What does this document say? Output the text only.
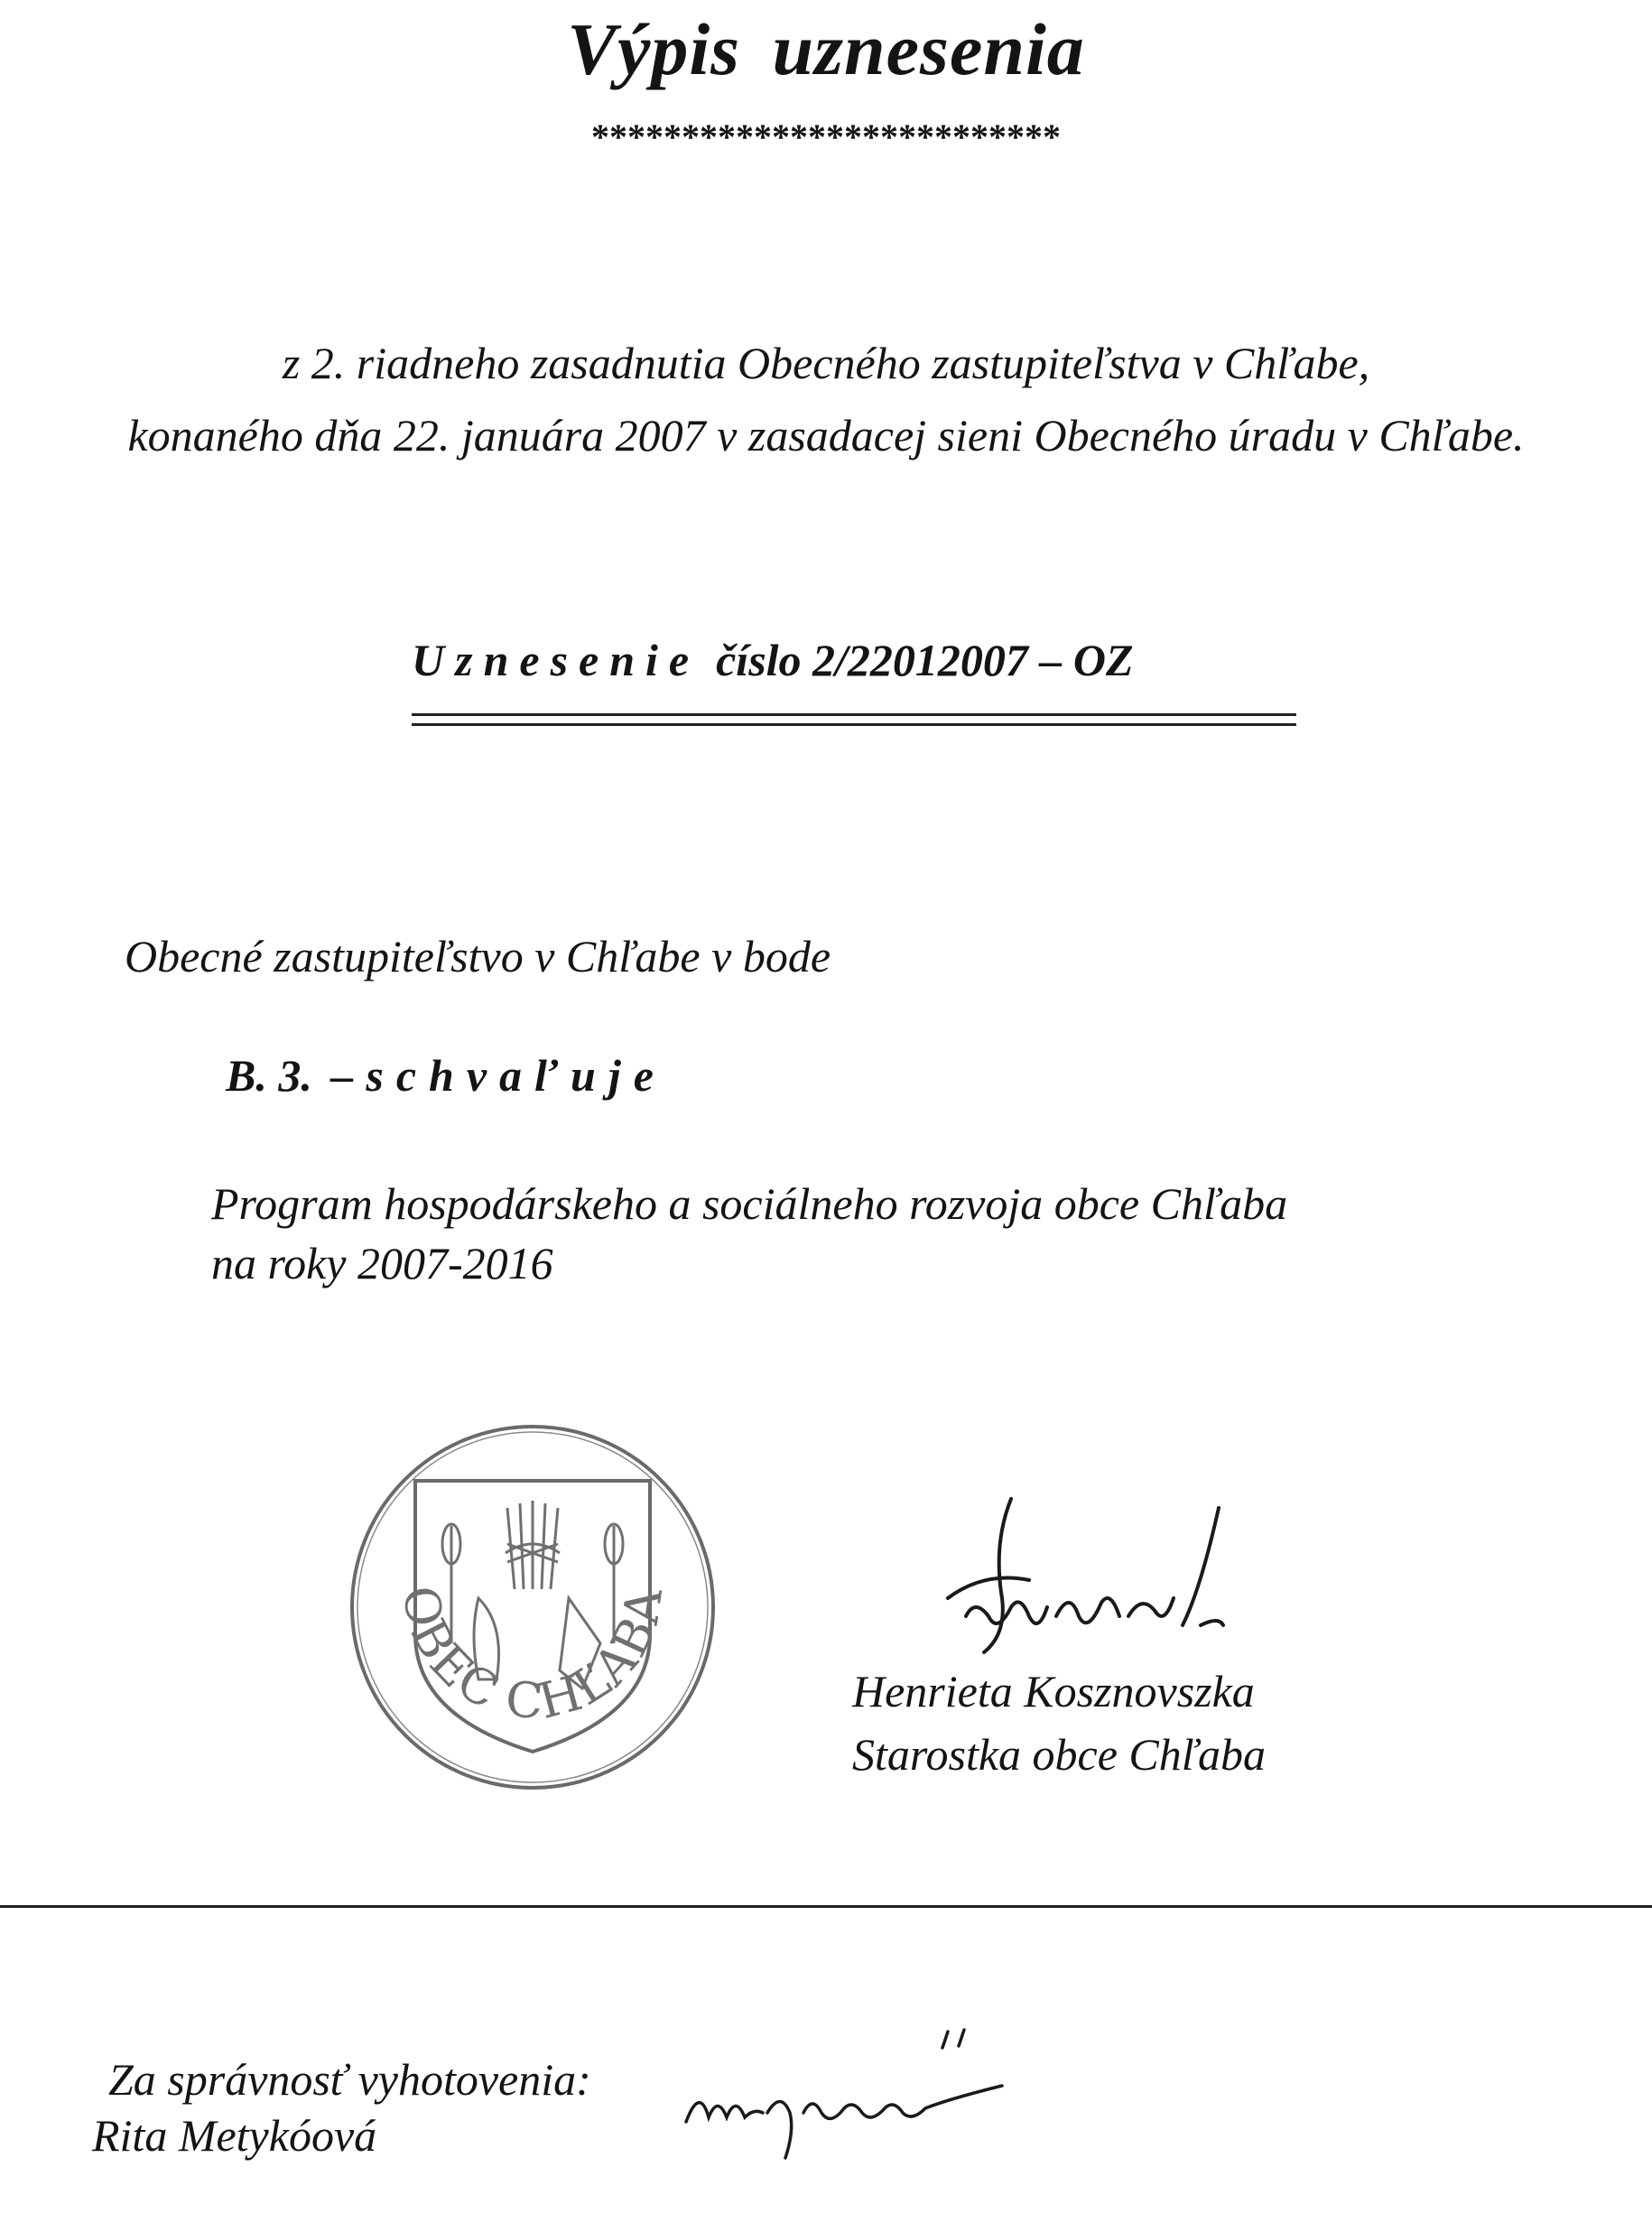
Výpis uznesenia
**************************
z 2. riadneho zasadnutia Obecného zastupiteľstva v Chľabe,
konaného dňa 22. januára 2007 v zasadacej sieni Obecného úradu v Chľabe.
Uznesenie číslo 2/22012007 – OZ
Obecné zastupiteľstvo v Chľabe v bode
B. 3. –schvaľuje
Program hospodárskeho a sociálneho rozvoja obce Chľaba
na roky 2007-2016
OBEC CHĽABA
Henrieta Kosznovszka
Starostka obce Chľaba
Za správnosť vyhotovenia:
Rita Metykóová
